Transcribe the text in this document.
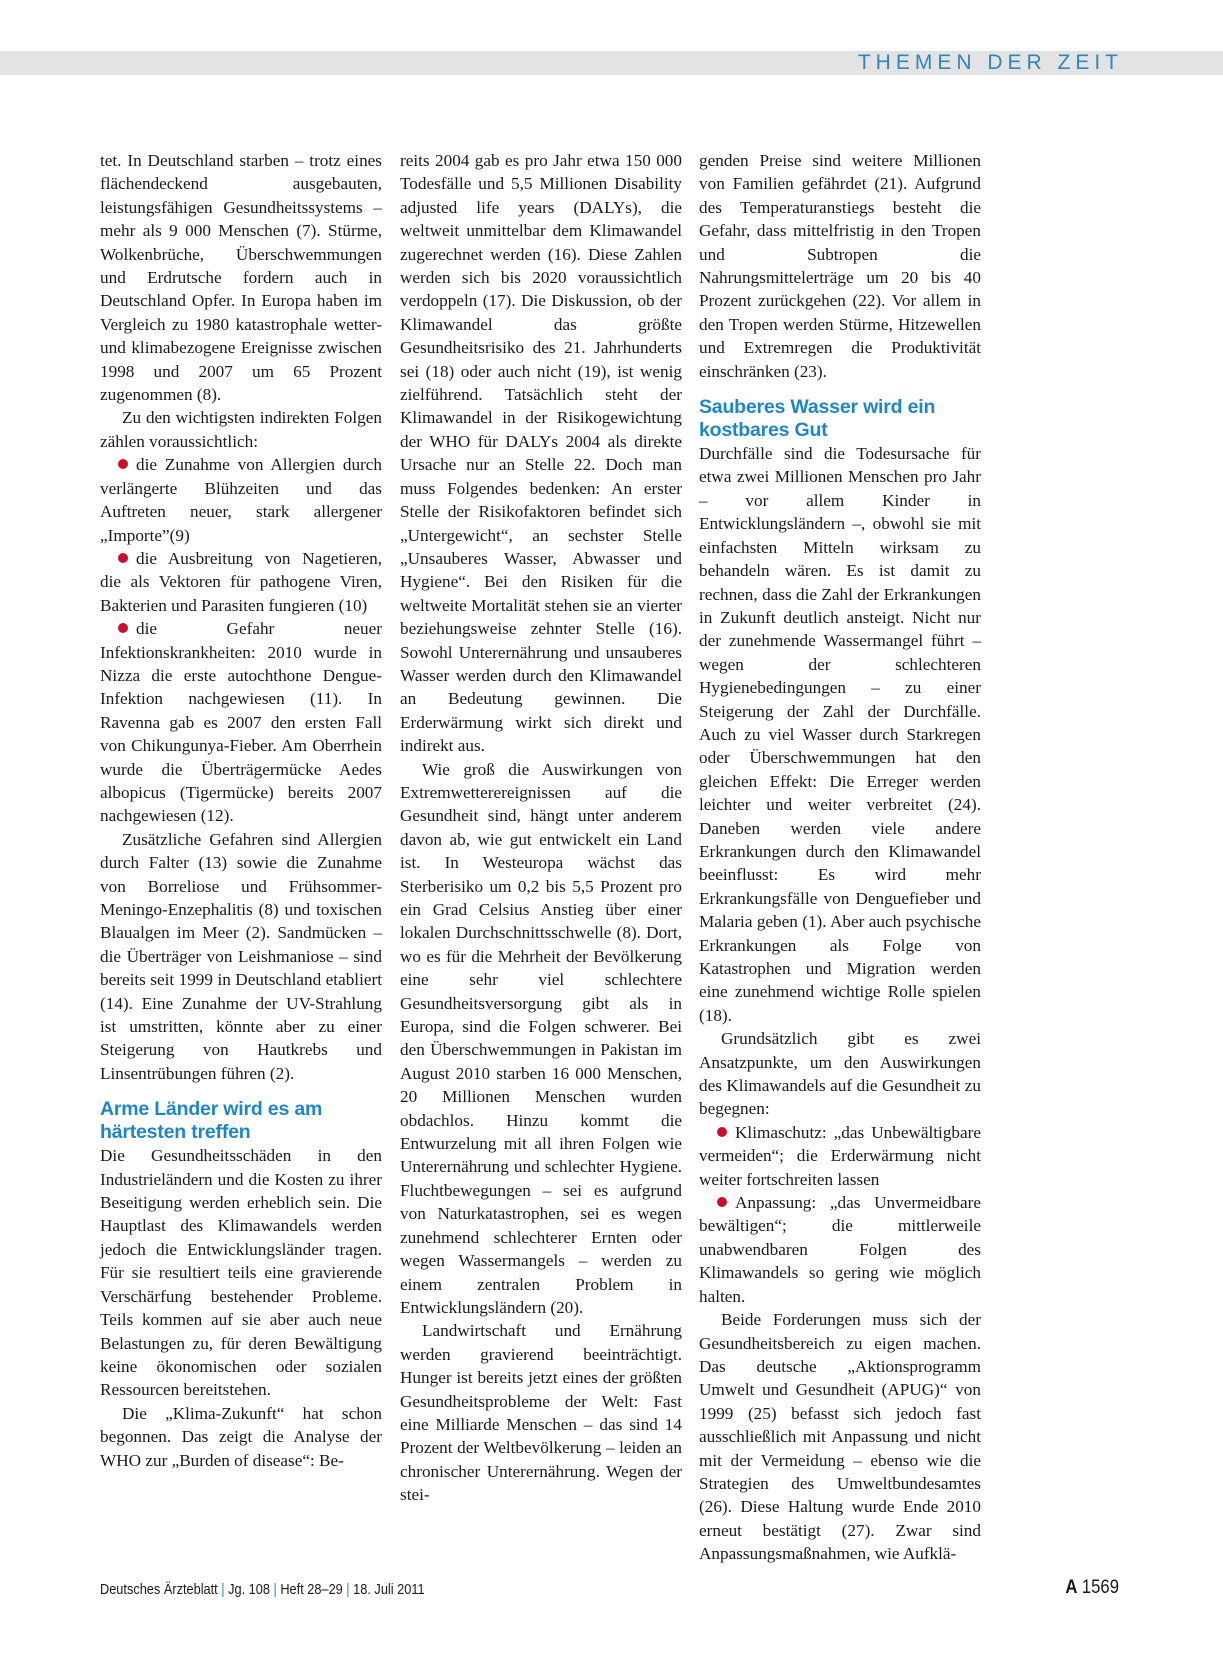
THEMEN DER ZEIT

tet. In Deutschland starben – trotz eines flächendeckend ausgebauten, leistungsfähigen Gesundheitssystems – mehr als 9 000 Menschen (7). Stürme, Wolkenbrüche, Überschwemmungen und Erdrutsche fordern auch in Deutschland Opfer. In Europa haben im Vergleich zu 1980 katastrophale wetter- und klimabezogene Ereignisse zwischen 1998 und 2007 um 65 Prozent zugenommen (8).

Zu den wichtigsten indirekten Folgen zählen voraussichtlich:

die Zunahme von Allergien durch verlängerte Blühzeiten und das Auftreten neuer, stark allergener „Importe”(9)

die Ausbreitung von Nagetieren, die als Vektoren für pathogene Viren, Bakterien und Parasiten fungieren (10)

die Gefahr neuer Infektionskrankheiten: 2010 wurde in Nizza die erste autochthone Dengue-Infektion nachgewiesen (11). In Ravenna gab es 2007 den ersten Fall von Chikungunya-Fieber. Am Oberrhein wurde die Überträgermücke Aedes albopicus (Tigermücke) bereits 2007 nachgewiesen (12).

Zusätzliche Gefahren sind Allergien durch Falter (13) sowie die Zunahme von Borreliose und Frühsommer-Meningo-Enzephalitis (8) und toxischen Blaualgen im Meer (2). Sandmücken – die Überträger von Leishmaniose – sind bereits seit 1999 in Deutschland etabliert (14). Eine Zunahme der UV-Strahlung ist umstritten, könnte aber zu einer Steigerung von Hautkrebs und Linsentrübungen führen (2).

Arme Länder wird es am härtesten treffen

Die Gesundheitsschäden in den Industrieländern und die Kosten zu ihrer Beseitigung werden erheblich sein. Die Hauptlast des Klimawandels werden jedoch die Entwicklungsländer tragen. Für sie resultiert teils eine gravierende Verschärfung bestehender Probleme. Teils kommen auf sie aber auch neue Belastungen zu, für deren Bewältigung keine ökonomischen oder sozialen Ressourcen bereitstehen.

Die „Klima-Zukunft“ hat schon begonnen. Das zeigt die Analyse der WHO zur „Burden of disease“: Be-

reits 2004 gab es pro Jahr etwa 150 000 Todesfälle und 5,5 Millionen Disability adjusted life years (DALYs), die weltweit unmittelbar dem Klimawandel zugerechnet werden (16). Diese Zahlen werden sich bis 2020 voraussichtlich verdoppeln (17). Die Diskussion, ob der Klimawandel das größte Gesundheitsrisiko des 21. Jahrhunderts sei (18) oder auch nicht (19), ist wenig zielführend. Tatsächlich steht der Klimawandel in der Risikogewichtung der WHO für DALYs 2004 als direkte Ursache nur an Stelle 22. Doch man muss Folgendes bedenken: An erster Stelle der Risikofaktoren befindet sich „Untergewicht“, an sechster Stelle „Unsauberes Wasser, Abwasser und Hygiene“. Bei den Risiken für die weltweite Mortalität stehen sie an vierter beziehungsweise zehnter Stelle (16). Sowohl Unterernährung und unsauberes Wasser werden durch den Klimawandel an Bedeutung gewinnen. Die Erderwärmung wirkt sich direkt und indirekt aus.

Wie groß die Auswirkungen von Extremwetterereignissen auf die Gesundheit sind, hängt unter anderem davon ab, wie gut entwickelt ein Land ist. In Westeuropa wächst das Sterberisiko um 0,2 bis 5,5 Prozent pro ein Grad Celsius Anstieg über einer lokalen Durchschnittsschwelle (8). Dort, wo es für die Mehrheit der Bevölkerung eine sehr viel schlechtere Gesundheitsversorgung gibt als in Europa, sind die Folgen schwerer. Bei den Überschwemmungen in Pakistan im August 2010 starben 16 000 Menschen, 20 Millionen Menschen wurden obdachlos. Hinzu kommt die Entwurzelung mit all ihren Folgen wie Unterernährung und schlechter Hygiene. Fluchtbewegungen – sei es aufgrund von Naturkatastrophen, sei es wegen zunehmend schlechterer Ernten oder wegen Wassermangels – werden zu einem zentralen Problem in Entwicklungsländern (20).

Landwirtschaft und Ernährung werden gravierend beeinträchtigt. Hunger ist bereits jetzt eines der größten Gesundheitsprobleme der Welt: Fast eine Milliarde Menschen – das sind 14 Prozent der Weltbevölkerung – leiden an chronischer Unterernährung. Wegen der stei-

genden Preise sind weitere Millionen von Familien gefährdet (21). Aufgrund des Temperaturanstiegs besteht die Gefahr, dass mittelfristig in den Tropen und Subtropen die Nahrungsmittelerträge um 20 bis 40 Prozent zurückgehen (22). Vor allem in den Tropen werden Stürme, Hitzewellen und Extremregen die Produktivität einschränken (23).

Sauberes Wasser wird ein kostbares Gut

Durchfälle sind die Todesursache für etwa zwei Millionen Menschen pro Jahr – vor allem Kinder in Entwicklungsländern –, obwohl sie mit einfachsten Mitteln wirksam zu behandeln wären. Es ist damit zu rechnen, dass die Zahl der Erkrankungen in Zukunft deutlich ansteigt. Nicht nur der zunehmende Wassermangel führt – wegen der schlechteren Hygienebedingungen – zu einer Steigerung der Zahl der Durchfälle. Auch zu viel Wasser durch Starkregen oder Überschwemmungen hat den gleichen Effekt: Die Erreger werden leichter und weiter verbreitet (24). Daneben werden viele andere Erkrankungen durch den Klimawandel beeinflusst: Es wird mehr Erkrankungsfälle von Denguefieber und Malaria geben (1). Aber auch psychische Erkrankungen als Folge von Katastrophen und Migration werden eine zunehmend wichtige Rolle spielen (18).

Grundsätzlich gibt es zwei Ansatzpunkte, um den Auswirkungen des Klimawandels auf die Gesundheit zu begegnen:

Klimaschutz: „das Unbewältigbare vermeiden“; die Erderwärmung nicht weiter fortschreiten lassen

Anpassung: „das Unvermeidbare bewältigen“; die mittlerweile unabwendbaren Folgen des Klimawandels so gering wie möglich halten.

Beide Forderungen muss sich der Gesundheitsbereich zu eigen machen. Das deutsche „Aktionsprogramm Umwelt und Gesundheit (APUG)“ von 1999 (25) befasst sich jedoch fast ausschließlich mit Anpassung und nicht mit der Vermeidung – ebenso wie die Strategien des Umweltbundesamtes (26). Diese Haltung wurde Ende 2010 erneut bestätigt (27). Zwar sind Anpassungsmaßnahmen, wie Aufklä-

Deutsches Ärzteblatt | Jg. 108 | Heft 28–29 | 18. Juli 2011	A 1569
